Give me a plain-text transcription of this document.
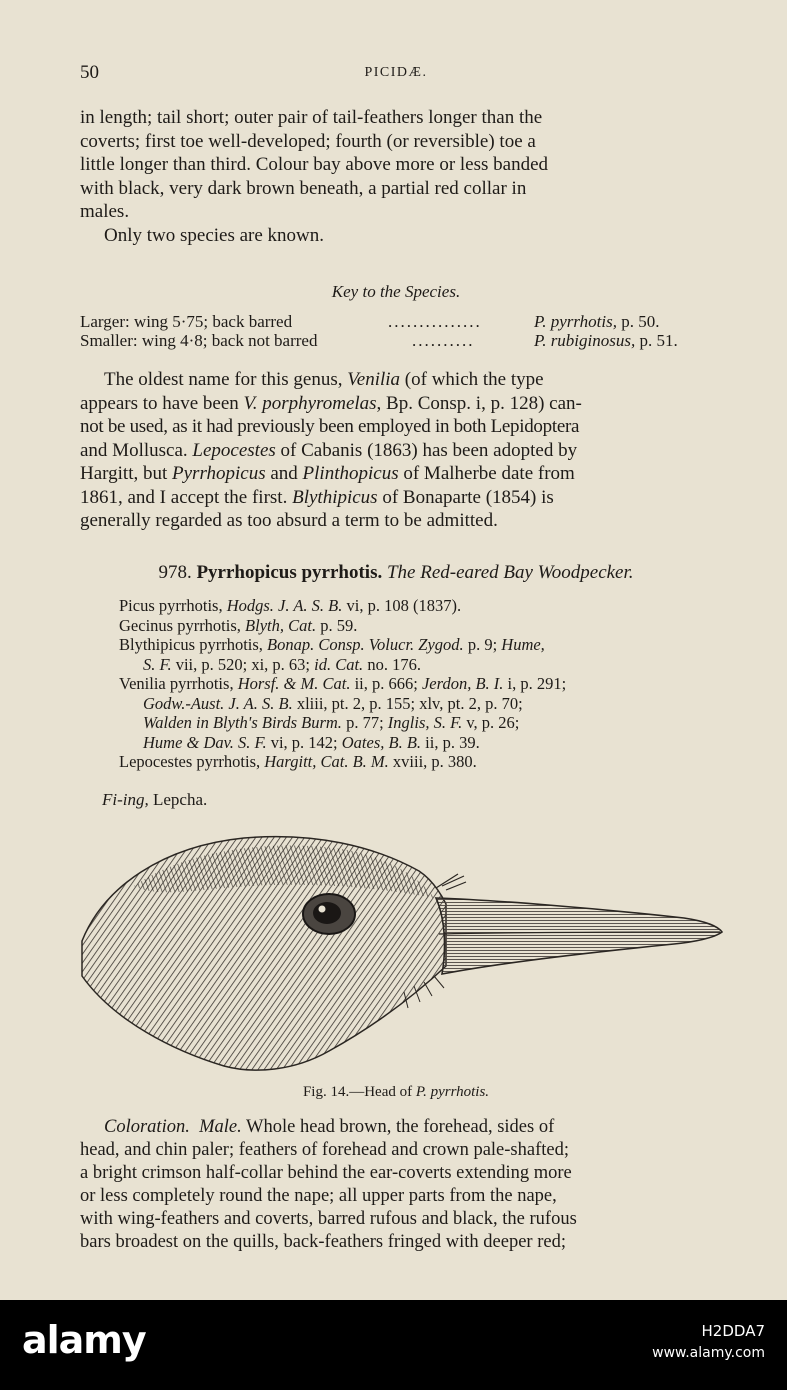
50	PICIDÆ.
in length; tail short; outer pair of tail-feathers longer than the
coverts; first toe well-developed; fourth (or reversible) toe a
little longer than third. Colour bay above more or less banded
with black, very dark brown beneath, a partial red collar in
males.
Only two species are known.
Key to the Species.
Larger: wing 5·75; back barred	...............	P. pyrrhotis, p. 50.
Smaller: wing 4·8; back not barred	..........	P. rubiginosus, p. 51.
The oldest name for this genus, Venilia (of which the type
appears to have been V. porphyromelas, Bp. Consp. i, p. 128) can-
not be used, as it had previously been employed in both Lepidoptera
and Mollusca. Lepocestes of Cabanis (1863) has been adopted by
Hargitt, but Pyrrhopicus and Plinthopicus of Malherbe date from
1861, and I accept the first. Blythipicus of Bonaparte (1854) is
generally regarded as too absurd a term to be admitted.
978. Pyrrhopicus pyrrhotis. The Red-eared Bay Woodpecker.
Picus pyrrhotis, Hodgs. J. A. S. B. vi, p. 108 (1837).
Gecinus pyrrhotis, Blyth, Cat. p. 59.
Blythipicus pyrrhotis, Bonap. Consp. Volucr. Zygod. p. 9; Hume,
S. F. vii, p. 520; xi, p. 63; id. Cat. no. 176.
Venilia pyrrhotis, Horsf. & M. Cat. ii, p. 666; Jerdon, B. I. i, p. 291;
Godw.-Aust. J. A. S. B. xliii, pt. 2, p. 155; xlv, pt. 2, p. 70;
Walden in Blyth's Birds Burm. p. 77; Inglis, S. F. v, p. 26;
Hume & Dav. S. F. vi, p. 142; Oates, B. B. ii, p. 39.
Lepocestes pyrrhotis, Hargitt, Cat. B. M. xviii, p. 380.
Fi-ing, Lepcha.
Fig. 14.—Head of P. pyrrhotis.
Coloration. Male. Whole head brown, the forehead, sides of
head, and chin paler; feathers of forehead and crown pale-shafted;
a bright crimson half-collar behind the ear-coverts extending more
or less completely round the nape; all upper parts from the nape,
with wing-feathers and coverts, barred rufous and black, the rufous
bars broadest on the quills, back-feathers fringed with deeper red;
alamy	H2DDA7
www.alamy.com
